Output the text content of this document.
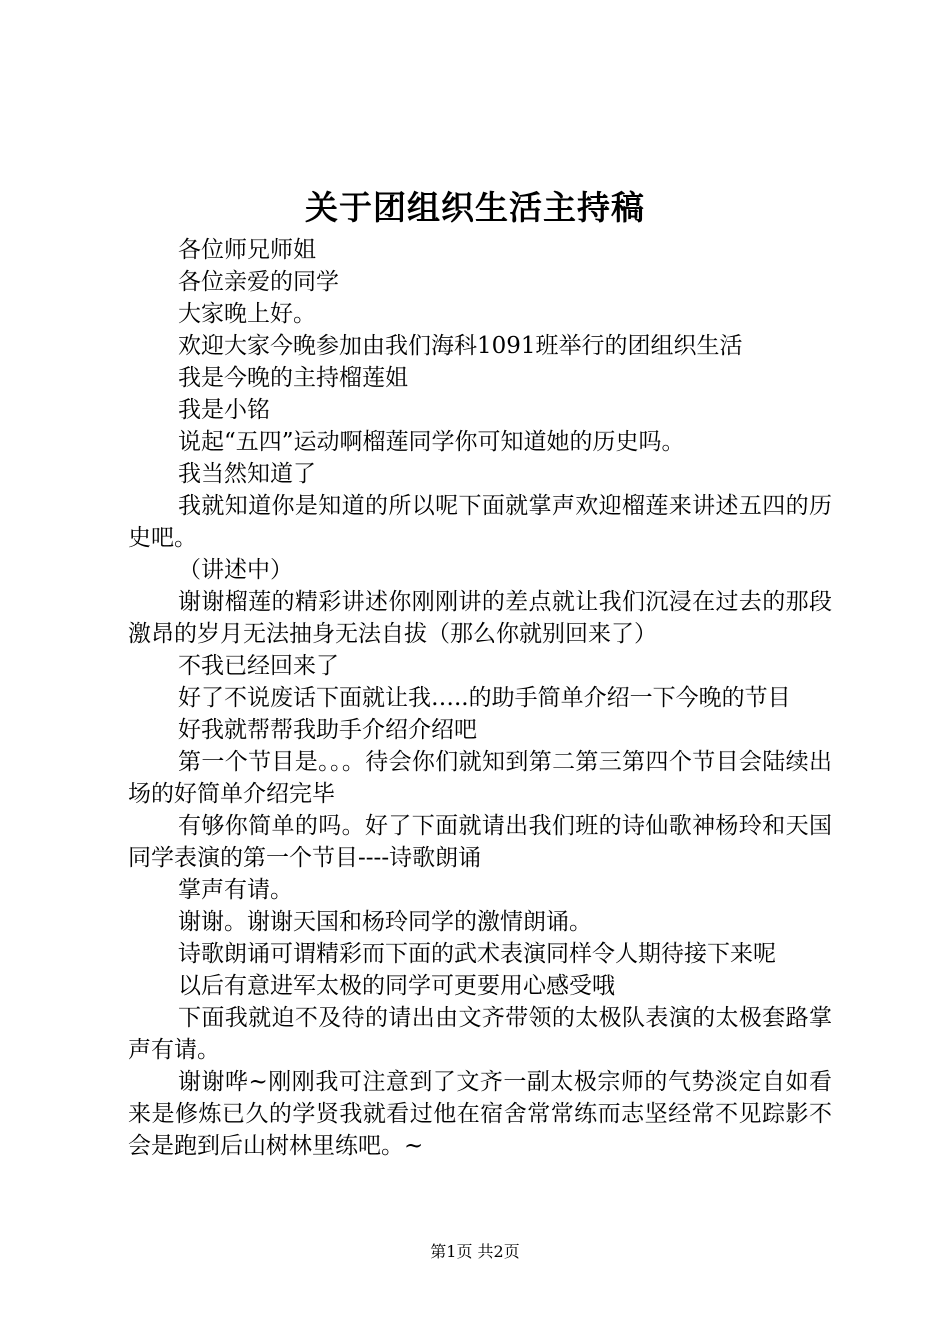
关于团组织生活主持稿

各位师兄师姐

各位亲爱的同学

大家晚上好。

欢迎大家今晚参加由我们海科1091班举行的团组织生活

我是今晚的主持榴莲姐

我是小铭

说起“五四”运动啊榴莲同学你可知道她的历史吗。

我当然知道了

我就知道你是知道的所以呢下面就掌声欢迎榴莲来讲述五四的历史吧。

（讲述中）

谢谢榴莲的精彩讲述你刚刚讲的差点就让我们沉浸在过去的那段激昂的岁月无法抽身无法自拔（那么你就别回来了）

不我已经回来了

好了不说废话下面就让我…..的助手简单介绍一下今晚的节目

好我就帮帮我助手介绍介绍吧

第一个节目是。。。待会你们就知到第二第三第四个节目会陆续出场的好简单介绍完毕

有够你简单的吗。好了下面就请出我们班的诗仙歌神杨玲和天国同学表演的第一个节目----诗歌朗诵

掌声有请。

谢谢。谢谢天国和杨玲同学的激情朗诵。

诗歌朗诵可谓精彩而下面的武术表演同样令人期待接下来呢

以后有意进军太极的同学可更要用心感受哦

下面我就迫不及待的请出由文齐带领的太极队表演的太极套路掌声有请。

谢谢哗~刚刚我可注意到了文齐一副太极宗师的气势淡定自如看来是修炼已久的学贤我就看过他在宿舍常常练而志坚经常不见踪影不会是跑到后山树林里练吧。~

第1页 共2页
